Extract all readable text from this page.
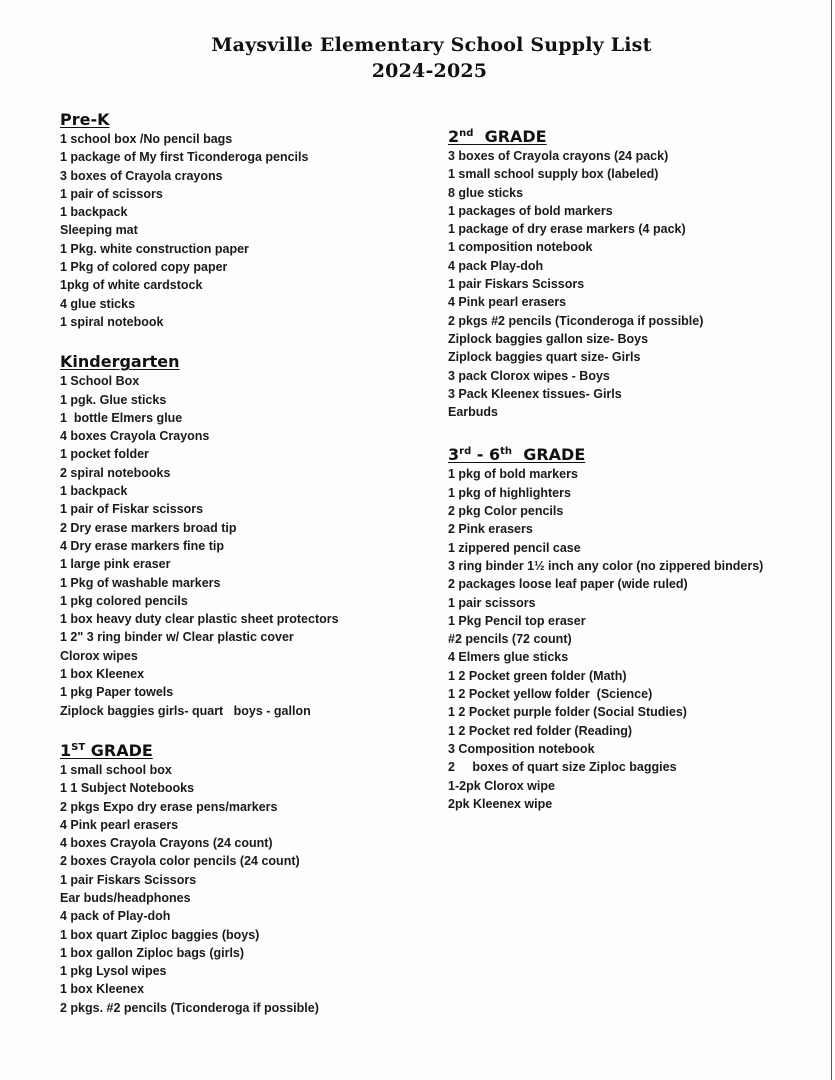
Maysville Elementary School Supply List
2024-2025
Pre-K
1 school box /No pencil bags
1 package of My first Ticonderoga pencils
3 boxes of Crayola crayons
1 pair of scissors
1 backpack
Sleeping mat
1 Pkg. white construction paper
1 Pkg of colored copy paper
1pkg of white cardstock
4 glue sticks
1 spiral notebook
Kindergarten
1 School Box
1 pgk. Glue sticks
1  bottle Elmers glue
4 boxes Crayola Crayons
1 pocket folder
2 spiral notebooks
1 backpack
1 pair of Fiskar scissors
2 Dry erase markers broad tip
4 Dry erase markers fine tip
1 large pink eraser
1 Pkg of washable markers
1 pkg colored pencils
1 box heavy duty clear plastic sheet protectors
1 2" 3 ring binder w/ Clear plastic cover
Clorox wipes
1 box Kleenex
1 pkg Paper towels
Ziplock baggies girls- quart   boys - gallon
1ST GRADE
1 small school box
1 1 Subject Notebooks
2 pkgs Expo dry erase pens/markers
4 Pink pearl erasers
4 boxes Crayola Crayons (24 count)
2 boxes Crayola color pencils (24 count)
1 pair Fiskars Scissors
Ear buds/headphones
4 pack of Play-doh
1 box quart Ziploc baggies (boys)
1 box gallon Ziploc bags (girls)
1 pkg Lysol wipes
1 box Kleenex
2 pkgs. #2 pencils (Ticonderoga if possible)
2nd  GRADE
3 boxes of Crayola crayons (24 pack)
1 small school supply box (labeled)
8 glue sticks
1 packages of bold markers
1 package of dry erase markers (4 pack)
1 composition notebook
4 pack Play-doh
1 pair Fiskars Scissors
4 Pink pearl erasers
2 pkgs #2 pencils (Ticonderoga if possible)
Ziplock baggies gallon size- Boys
Ziplock baggies quart size- Girls
3 pack Clorox wipes - Boys
3 Pack Kleenex tissues- Girls
Earbuds
3rd - 6th  GRADE
1 pkg of bold markers
1 pkg of highlighters
2 pkg Color pencils
2 Pink erasers
1 zippered pencil case
3 ring binder 1½ inch any color (no zippered binders)
2 packages loose leaf paper (wide ruled)
1 pair scissors
1 Pkg Pencil top eraser
#2 pencils (72 count)
4 Elmers glue sticks
1 2 Pocket green folder (Math)
1 2 Pocket yellow folder  (Science)
1 2 Pocket purple folder (Social Studies)
1 2 Pocket red folder (Reading)
3 Composition notebook
2     boxes of quart size Ziploc baggies
1-2pk Clorox wipe
2pk Kleenex wipe
